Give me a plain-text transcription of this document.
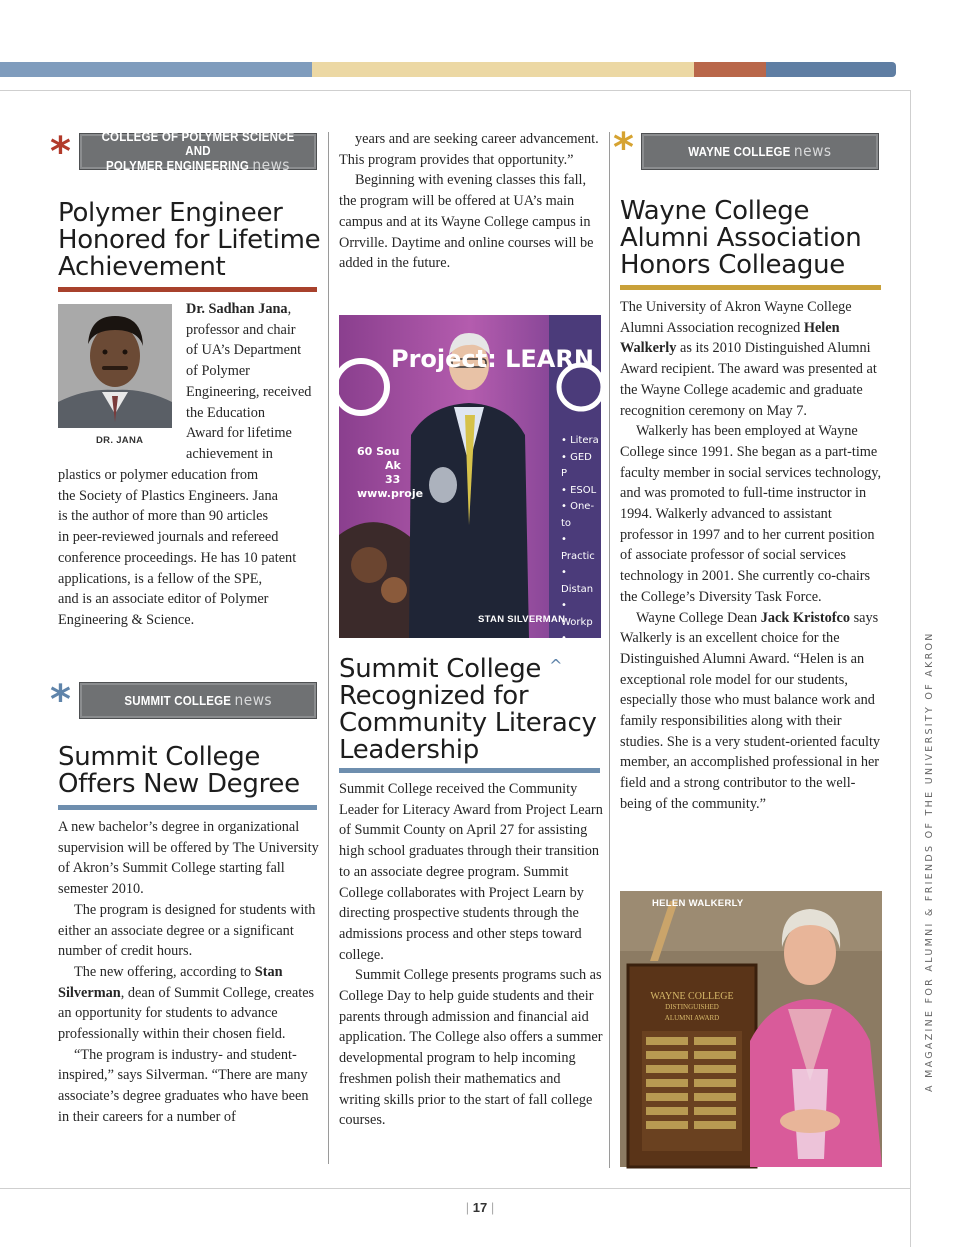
*	COLLEGE OF POLYMER SCIENCE AND
POLYMER ENGINEERING news
Polymer Engineer
Honored for Lifetime
Achievement
DR. JANA
Dr. Sadhan Jana,
professor and chair
of UA’s Department
of Polymer
Engineering, received
the Education
Award for lifetime
achievement in
plastics or polymer education from
the Society of Plastics Engineers. Jana
is the author of more than 90 articles
in peer-reviewed journals and refereed
conference proceedings. He has 10 patent
applications, is a fellow of the SPE,
and is an associate editor of Polymer
Engineering & Science.
*	SUMMIT COLLEGE news
Summit College
Offers New Degree

A new bachelor’s degree in organizational supervision will be offered by The University of Akron’s Summit College starting fall semester 2010.

The program is designed for students with either an associate degree or a significant number of credit hours.

The new offering, according to Stan Silverman, dean of Summit College, creates an opportunity for students to advance professionally within their chosen field.

“The program is industry- and student-inspired,” says Silverman. “There are many associate’s degree graduates who have been in their careers for a number of

years and are seeking career advancement. This program provides that opportunity.”

Beginning with evening classes this fall, the program will be offered at UA’s main campus and at its Wayne College campus in Orrville. Daytime and online courses will be added in the future.

Project: LEARN
60 Sou
Ak
33
www.proje
• Litera
• GED P
• ESOL
• One-to
• Practic
• Distan
• Workp
• Family
• Compu
STAN SILVERMAN
Summit College ^
Recognized for
Community Literacy
Leadership

Summit College received the Community Leader for Literacy Award from Project Learn of Summit County on April 27 for assisting high school graduates through their transition to an associate degree program. Summit College collaborates with Project Learn by directing prospective students through the admissions process and other steps toward college.

Summit College presents programs such as College Day to help guide students and their parents through admission and financial aid application. The College also offers a summer developmental program to help incoming freshmen polish their mathematics and writing skills prior to the start of fall college courses.

*	WAYNE COLLEGE news
Wayne College
Alumni Association
Honors Colleague

The University of Akron Wayne College Alumni Association recognized Helen Walkerly as its 2010 Distinguished Alumni Award recipient. The award was presented at the Wayne College academic and graduate recognition ceremony on May 7.

Walkerly has been employed at Wayne College since 1991. She began as a part-time faculty member in social services technology, and was promoted to full-time instructor in 1994. Walkerly advanced to assistant professor in 1997 and to her current position of associate professor of social services technology in 2001. She currently co-chairs the College’s Diversity Task Force.

Wayne College Dean Jack Kristofco says Walkerly is an excellent choice for the Distinguished Alumni Award. “Helen is an exceptional role model for our students, especially those who must balance work and family responsibilities along with their studies. She is a very student-oriented faculty member, an accomplished professional in her field and a strong contributor to the well-being of the community.”

WAYNE COLLEGE
DISTINGUISHED
ALUMNI AWARD
HELEN WALKERLY	A MAGAZINE FOR ALUMNI & FRIENDS OF THE UNIVERSITY OF AKRON
| 17 |
